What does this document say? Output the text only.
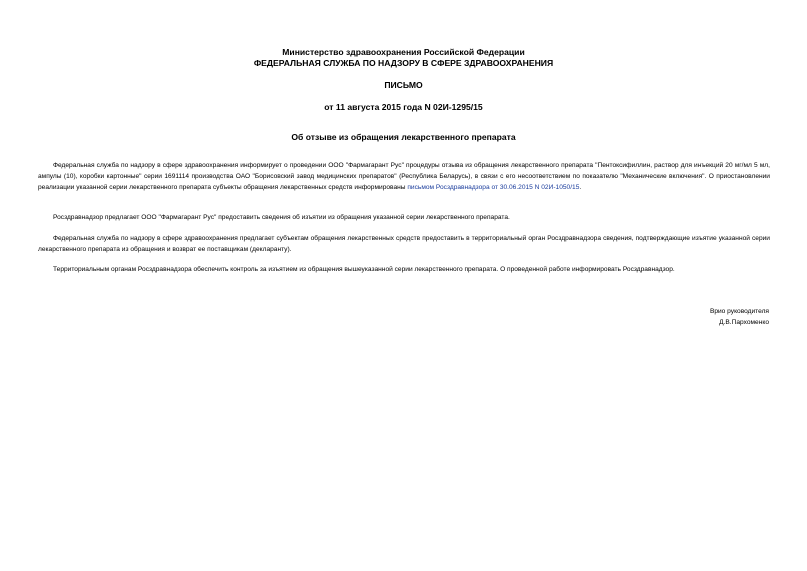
Министерство здравоохранения Российской Федерации
ФЕДЕРАЛЬНАЯ СЛУЖБА ПО НАДЗОРУ В СФЕРЕ ЗДРАВООХРАНЕНИЯ
ПИСЬМО
от 11 августа 2015 года N 02И-1295/15
Об отзыве из обращения лекарственного препарата

Федеральная служба по надзору в сфере здравоохранения информирует о проведении ООО "Фармагарант Рус" процедуры отзыва из обращения лекарственного препарата "Пентоксифиллин, раствор для инъекций 20 мг/мл 5 мл, ампулы (10), коробки картонные" серии 1691114 производства ОАО "Борисовский завод медицинских препаратов" (Республика Беларусь), в связи с его несоответствием по показателю "Механические включения". О приостановлении реализации указанной серии лекарственного препарата субъекты обращения лекарственных средств информированы письмом Росздравнадзора от 30.06.2015 N 02И-1050/15.

Росздравнадзор предлагает ООО "Фармагарант Рус" предоставить сведения об изъятии из обращения указанной серии лекарственного препарата.

Федеральная служба по надзору в сфере здравоохранения предлагает субъектам обращения лекарственных средств предоставить в территориальный орган Росздравнадзора сведения, подтверждающие изъятие указанной серии лекарственного препарата из обращения и возврат ее поставщикам (декларанту).

Территориальным органам Росздравнадзора обеспечить контроль за изъятием из обращения вышеуказанной серии лекарственного препарата. О проведенной работе информировать Росздравнадзор.

Врио руководителя
Д.В.Пархоменко
